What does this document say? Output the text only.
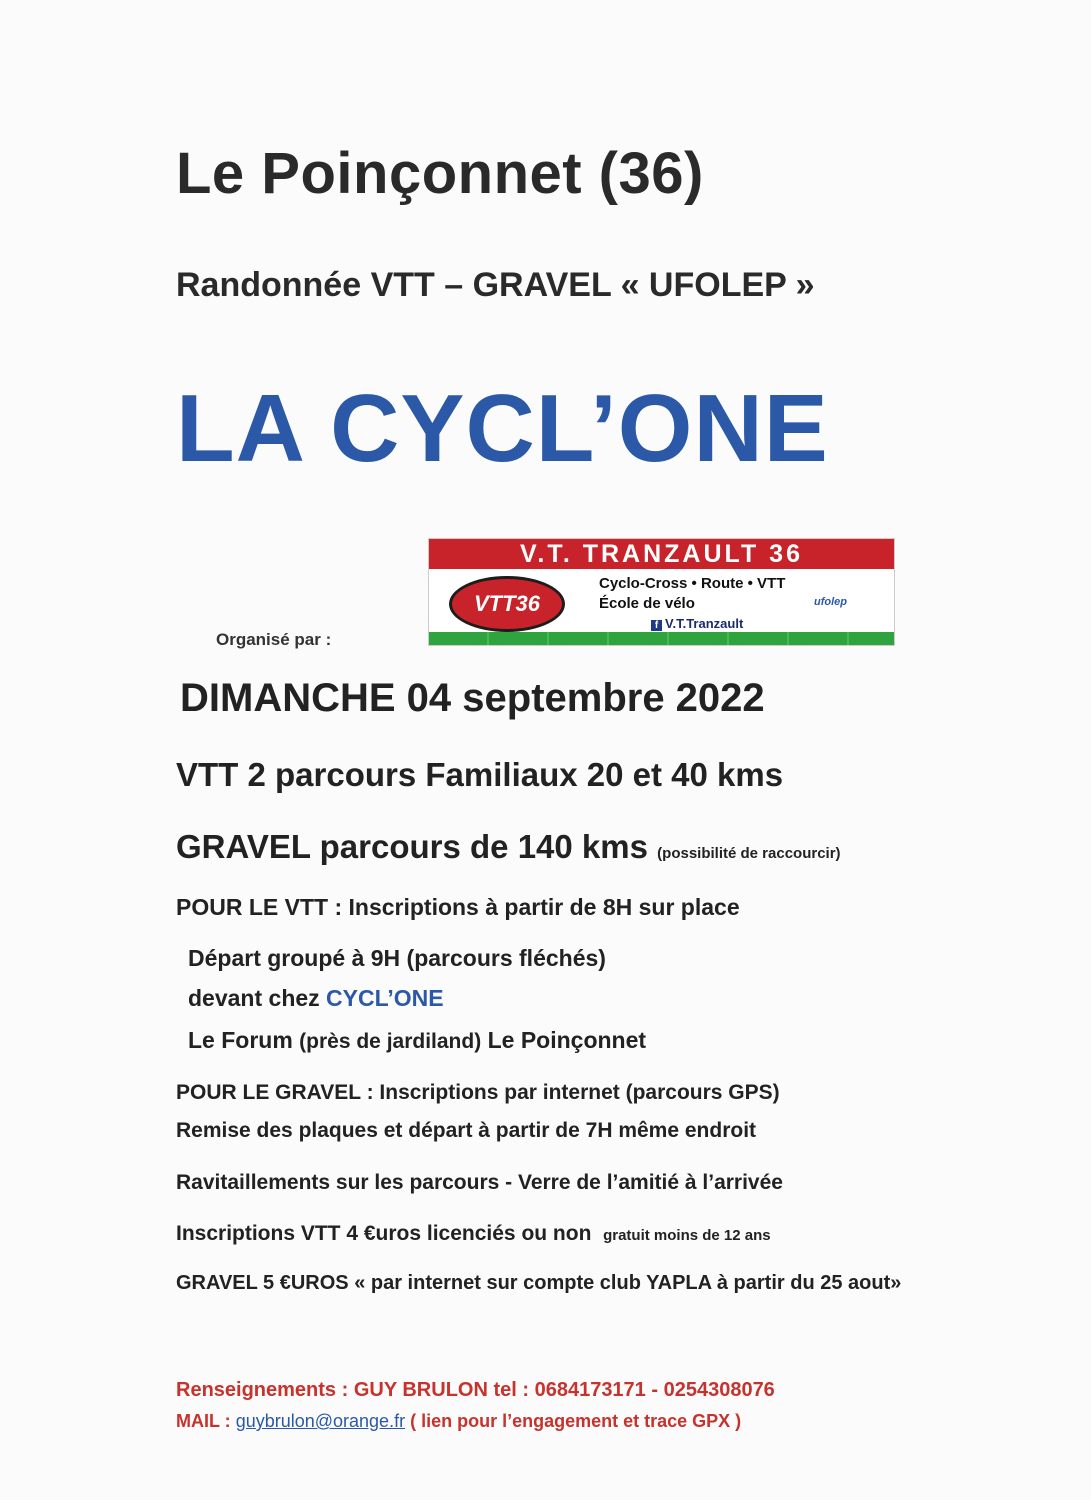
Le Poinçonnet (36)
Randonnée VTT – GRAVEL « UFOLEP »
LA CYCL’ONE
Organisé par :
V.T. TRANZAULT 36
VTT36
Cyclo-Cross • Route • VTT
École de vélo	ufolep
f V.T.Tranzault
DIMANCHE 04 septembre 2022
VTT 2 parcours Familiaux 20 et 40 kms
GRAVEL parcours de 140 kms (possibilité de raccourcir)
POUR LE VTT : Inscriptions à partir de 8H sur place
Départ groupé à 9H (parcours fléchés)
devant chez CYCL’ONE
Le Forum (près de jardiland) Le Poinçonnet
POUR LE GRAVEL : Inscriptions par internet (parcours GPS)
Remise des plaques et départ à partir de 7H même endroit
Ravitaillements sur les parcours - Verre de l’amitié à l’arrivée
Inscriptions VTT 4 €uros licenciés ou non gratuit moins de 12 ans
GRAVEL 5 €UROS « par internet sur compte club YAPLA à partir du 25 aout»
Renseignements : GUY BRULON tel : 0684173171 - 0254308076
MAIL : guybrulon@orange.fr ( lien pour l’engagement et trace GPX )
